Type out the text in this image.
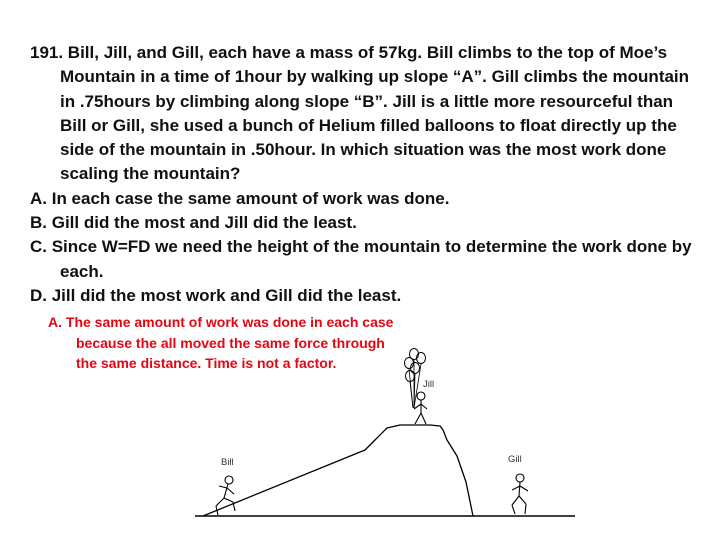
191. Bill, Jill, and Gill, each have a mass of 57kg. Bill climbs to the top of Moe’s Mountain in a time of 1hour by walking up slope “A”. Gill climbs the mountain in .75hours by climbing along slope “B”. Jill is a little more resourceful than Bill or Gill, she used a bunch of Helium filled balloons to float directly up the side of the mountain in .50hour. In which situation was the most work done scaling the mountain?

A. In each case the same amount of work was done.

B. Gill did the most and Jill did the least.

C. Since W=FD we need the height of the mountain to determine the work done by each.

D. Jill did the most work and Gill did the least.

A. The same amount of work was done in each case because the all moved the same force through the same distance. Time is not a factor.

Jill
Bill	Gill
